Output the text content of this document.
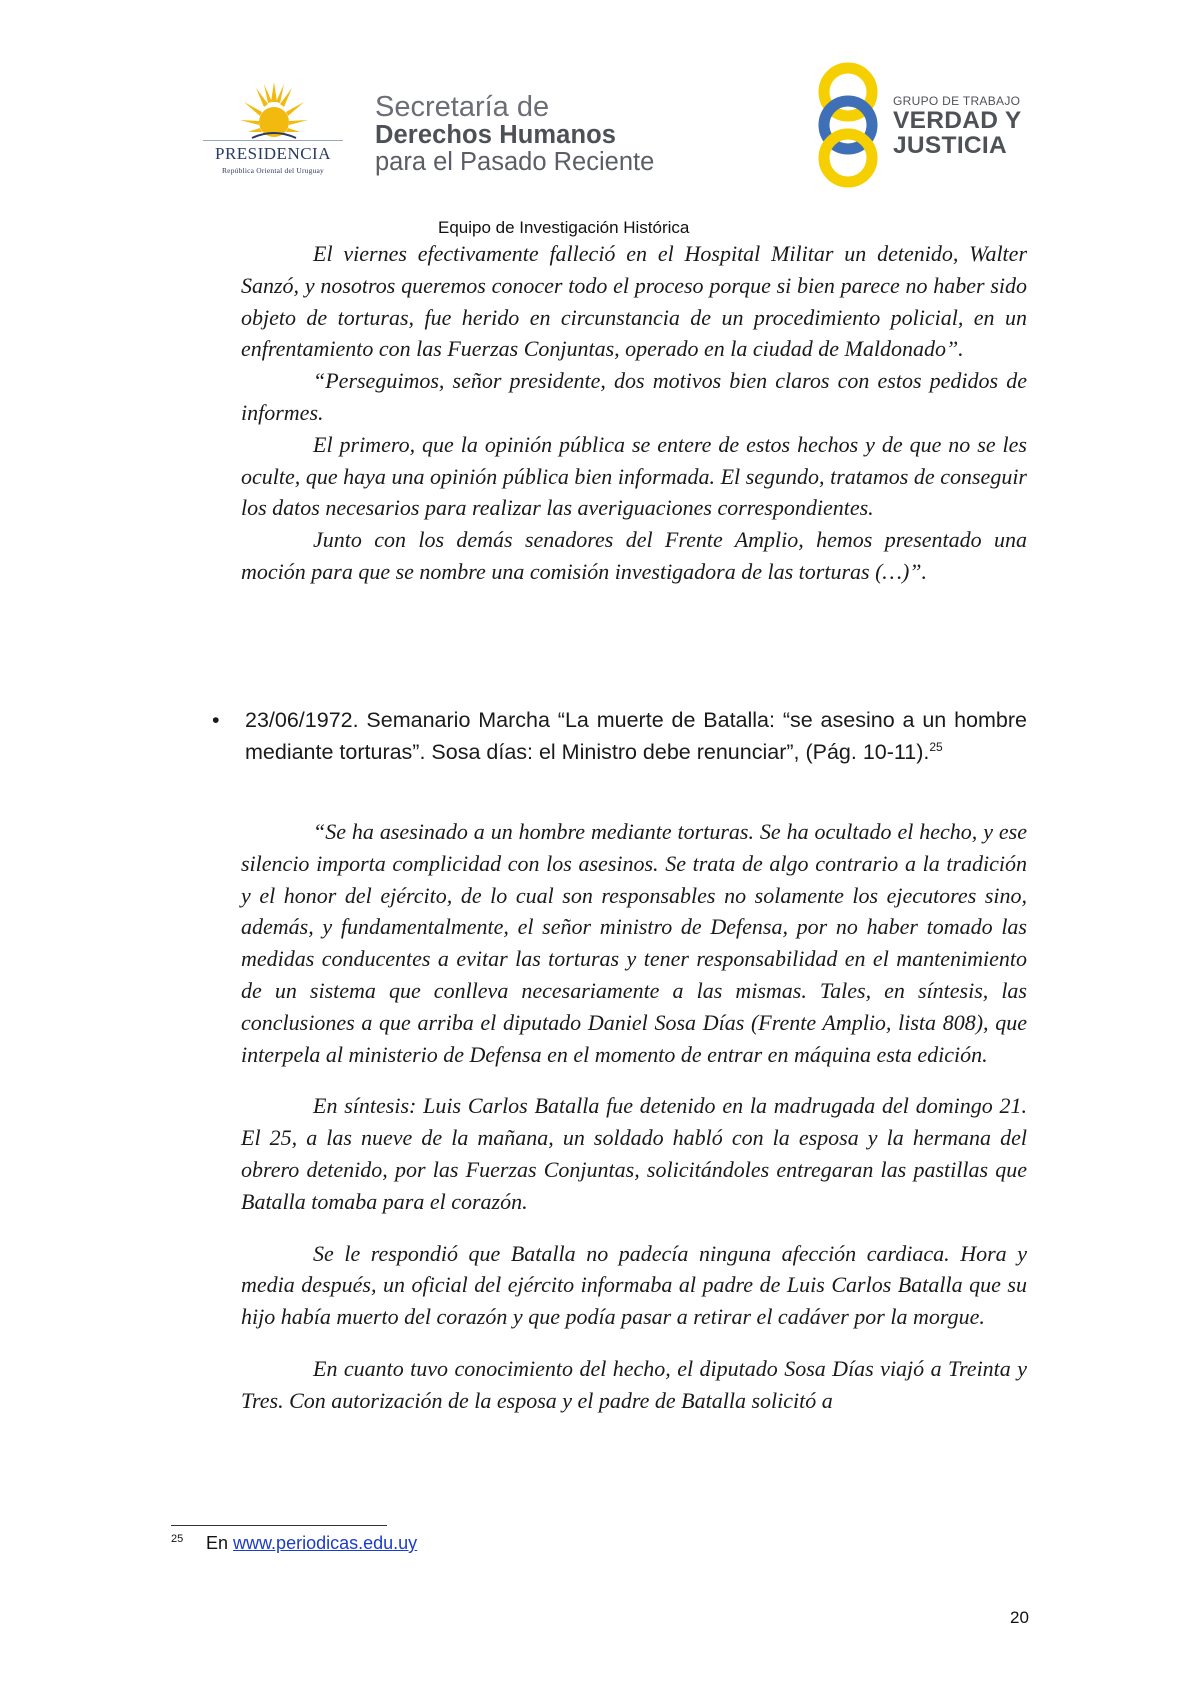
PRESIDENCIA
República Oriental del Uruguay
Secretaría de
Derechos Humanos
para el Pasado Reciente
GRUPO DE TRABAJO
VERDAD Y
JUSTICIA
Equipo de Investigación Histórica

El viernes efectivamente falleció en el Hospital Militar un detenido, Walter Sanzó, y nosotros queremos conocer todo el proceso porque si bien parece no haber sido objeto de torturas, fue herido en circunstancia de un procedimiento policial, en un enfrentamiento con las Fuerzas Conjuntas, operado en la ciudad de Maldonado”.

“Perseguimos, señor presidente, dos motivos bien claros con estos pedidos de informes.

El primero, que la opinión pública se entere de estos hechos y de que no se les oculte, que haya una opinión pública bien informada. El segundo, tratamos de conseguir los datos necesarios para realizar las averiguaciones correspondientes.

Junto con los demás senadores del Frente Amplio, hemos presentado una moción para que se nombre una comisión investigadora de las torturas (…)”.

• 23/06/1972. Semanario Marcha “La muerte de Batalla: “se asesino a un hombre mediante torturas”. Sosa días: el Ministro debe renunciar”, (Pág. 10-11).$^{25}$

“Se ha asesinado a un hombre mediante torturas. Se ha ocultado el hecho, y ese silencio importa complicidad con los asesinos. Se trata de algo contrario a la tradición y el honor del ejército, de lo cual son responsables no solamente los ejecutores sino, además, y fundamentalmente, el señor ministro de Defensa, por no haber tomado las medidas conducentes a evitar las torturas y tener responsabilidad en el mantenimiento de un sistema que conlleva necesariamente a las mismas. Tales, en síntesis, las conclusiones a que arriba el diputado Daniel Sosa Días (Frente Amplio, lista 808), que interpela al ministerio de Defensa en el momento de entrar en máquina esta edición.

En síntesis: Luis Carlos Batalla fue detenido en la madrugada del domingo 21. El 25, a las nueve de la mañana, un soldado habló con la esposa y la hermana del obrero detenido, por las Fuerzas Conjuntas, solicitándoles entregaran las pastillas que Batalla tomaba para el corazón.

Se le respondió que Batalla no padecía ninguna afección cardiaca. Hora y media después, un oficial del ejército informaba al padre de Luis Carlos Batalla que su hijo había muerto del corazón y que podía pasar a retirar el cadáver por la morgue.

En cuanto tuvo conocimiento del hecho, el diputado Sosa Días viajó a Treinta y Tres. Con autorización de la esposa y el padre de Batalla solicitó a

25 En www.periodicas.edu.uy
20
